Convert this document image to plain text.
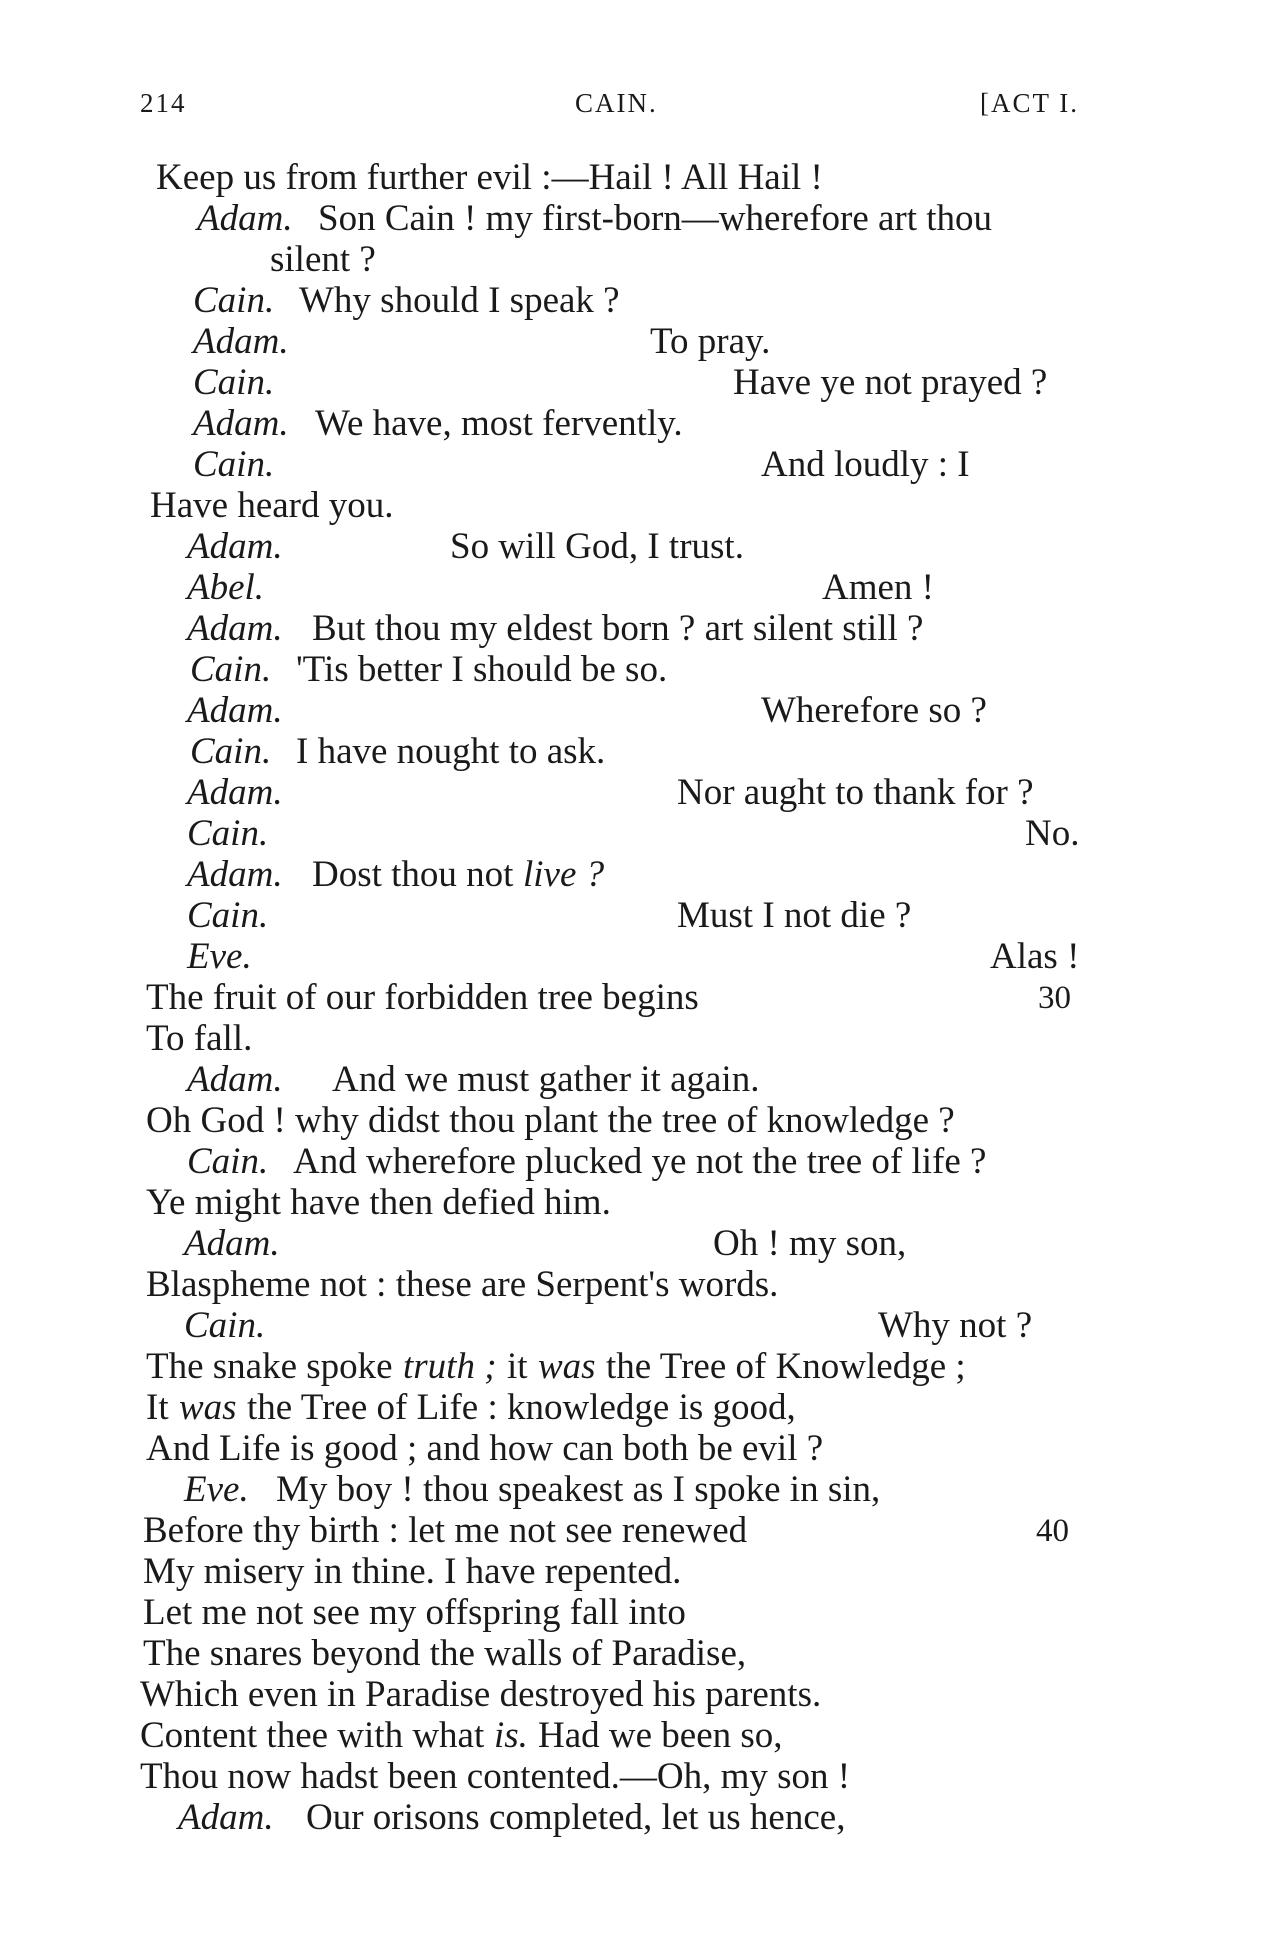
214	CAIN.	[ACT I.
Keep us from further evil :—Hail ! All Hail !
Adam. Son Cain ! my first-born—wherefore art thou
silent ?
Cain. Why should I speak ?
Adam.	To pray.
Cain.	Have ye not prayed ?
Adam. We have, most fervently.
Cain.	And loudly : I
Have heard you.
Adam.	So will God, I trust.
Abel.	Amen !
Adam. But thou my eldest born ? art silent still ?
Cain. 'Tis better I should be so.
Adam.	Wherefore so ?
Cain. I have nought to ask.
Adam.	Nor aught to thank for ?
Cain.	No.
Adam. Dost thou not live ?
Cain.	Must I not die ?
Eve.	Alas !
The fruit of our forbidden tree begins	30
To fall.
Adam. And we must gather it again.
Oh God ! why didst thou plant the tree of knowledge ?
Cain. And wherefore plucked ye not the tree of life ?
Ye might have then defied him.
Adam.	Oh ! my son,
Blaspheme not : these are Serpent's words.
Cain.	Why not ?
The snake spoke truth ; it was the Tree of Knowledge ;
It was the Tree of Life : knowledge is good,
And Life is good ; and how can both be evil ?
Eve. My boy ! thou speakest as I spoke in sin,
Before thy birth : let me not see renewed	40
My misery in thine. I have repented.
Let me not see my offspring fall into
The snares beyond the walls of Paradise,
Which even in Paradise destroyed his parents.
Content thee with what is. Had we been so,
Thou now hadst been contented.—Oh, my son !
Adam. Our orisons completed, let us hence,
